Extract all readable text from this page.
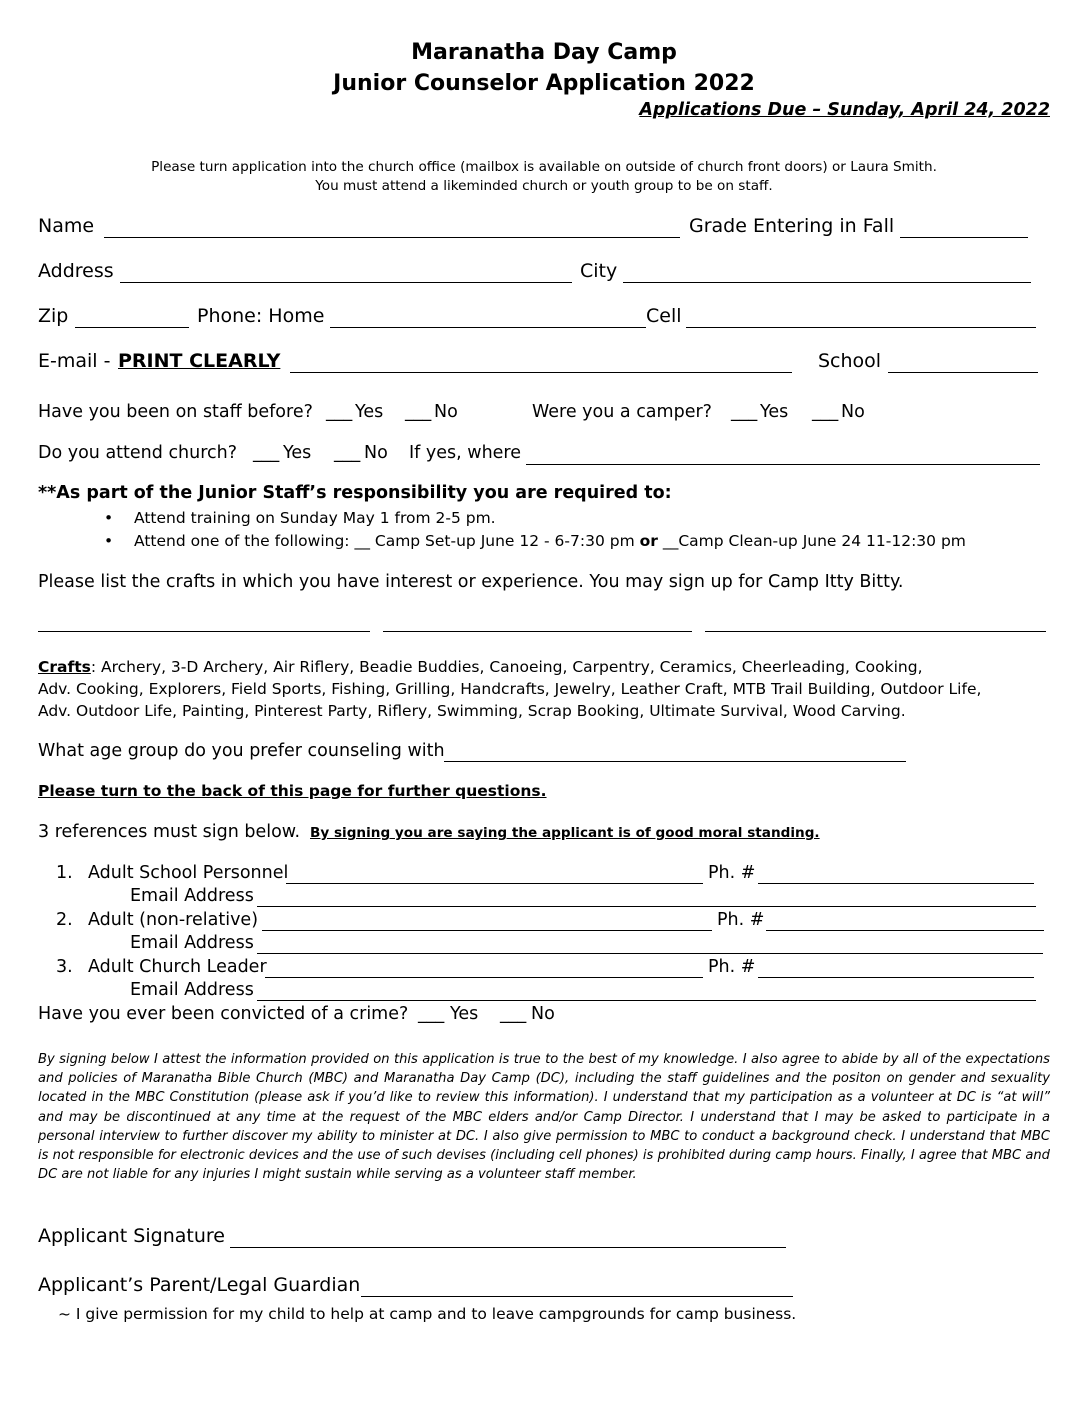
Maranatha Day Camp
Junior Counselor Application 2022
Applications Due – Sunday, April 24, 2022
Please turn application into the church office (mailbox is available on outside of church front doors) or Laura Smith.
You must attend a likeminded church or youth group to be on staff.
Name	Grade Entering in Fall
Address	City
Zip	Phone: Home	Cell
E-mail - PRINT CLEARLY	School
Have you been on staff before? ___ Yes ___ No	Were you a camper? ___ Yes ___ No
Do you attend church? ___ Yes ___ No If yes, where
**As part of the Junior Staff’s responsibility you are required to:
• Attend training on Sunday May 1 from 2-5 pm.
• Attend one of the following: __ Camp Set-up June 12 - 6-7:30 pm or __Camp Clean-up June 24 11-12:30 pm
Please list the crafts in which you have interest or experience. You may sign up for Camp Itty Bitty.
Crafts: Archery, 3-D Archery, Air Riflery, Beadie Buddies, Canoeing, Carpentry, Ceramics, Cheerleading, Cooking,
Adv. Cooking, Explorers, Field Sports, Fishing, Grilling, Handcrafts, Jewelry, Leather Craft, MTB Trail Building, Outdoor Life,
Adv. Outdoor Life, Painting, Pinterest Party, Riflery, Swimming, Scrap Booking, Ultimate Survival, Wood Carving.
What age group do you prefer counseling with
Please turn to the back of this page for further questions.
3 references must sign below. By signing you are saying the applicant is of good moral standing.
1. Adult School Personnel	Ph. #
Email Address
2. Adult (non-relative)	Ph. #
Email Address
3. Adult Church Leader	Ph. #
Email Address
Have you ever been convicted of a crime? ___ Yes ___ No
By signing below I attest the information provided on this application is true to the best of my knowledge. I also agree to abide by all of the expectations and policies of Maranatha Bible Church (MBC) and Maranatha Day Camp (DC), including the staff guidelines and the positon on gender and sexuality located in the MBC Constitution (please ask if you’d like to review this information). I understand that my participation as a volunteer at DC is “at will” and may be discontinued at any time at the request of the MBC elders and/or Camp Director. I understand that I may be asked to participate in a personal interview to further discover my ability to minister at DC. I also give permission to MBC to conduct a background check. I understand that MBC is not responsible for electronic devices and the use of such devises (including cell phones) is prohibited during camp hours. Finally, I agree that MBC and DC are not liable for any injuries I might sustain while serving as a volunteer staff member.
Applicant Signature
Applicant’s Parent/Legal Guardian
~ I give permission for my child to help at camp and to leave campgrounds for camp business.
